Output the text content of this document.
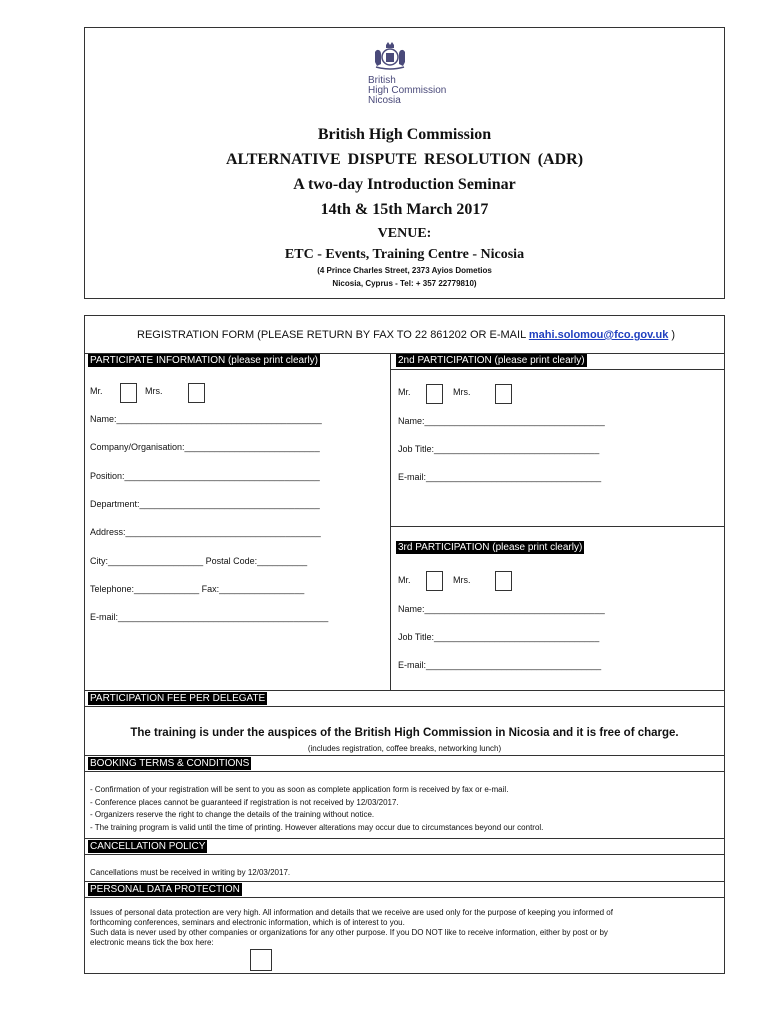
British
High Commission
Nicosia
British High Commission
ALTERNATIVE DISPUTE RESOLUTION (ADR)
A two-day Introduction Seminar
14th & 15th March 2017
VENUE:
ETC - Events, Training Centre - Nicosia
(4 Prince Charles Street, 2373 Ayios Dometios
Nicosia, Cyprus - Tel: + 357 22779810)
REGISTRATION FORM (PLEASE RETURN BY FAX TO 22 861202 OR E-MAIL mahi.solomou@fco.gov.uk )
PARTICIPATE INFORMATION (please print clearly)
Mr.	Mrs.
Name:_________________________________________
Company/Organisation:___________________________
Position:_______________________________________
Department:____________________________________
Address:_______________________________________
City:___________________ Postal Code:__________
Telephone:_____________ Fax:_________________
E-mail:__________________________________________
2nd PARTICIPATION (please print clearly)
Mr.	Mrs.
Name:____________________________________
Job Title:_________________________________
E-mail:___________________________________
3rd PARTICIPATION (please print clearly)
Mr.	Mrs.
Name:____________________________________
Job Title:_________________________________
E-mail:___________________________________
PARTICIPATION FEE PER DELEGATE
The training is under the auspices of the British High Commission in Nicosia and it is free of charge.
(includes registration, coffee breaks, networking lunch)
BOOKING TERMS & CONDITIONS
- Confirmation of your registration will be sent to you as soon as complete application form is received by fax or e-mail.
- Conference places cannot be guaranteed if registration is not received by 12/03/2017.
- Organizers reserve the right to change the details of the training without notice.
- The training program is valid until the time of printing. However alterations may occur due to circumstances beyond our control.
CANCELLATION POLICY
Cancellations must be received in writing by 12/03/2017.
PERSONAL DATA PROTECTION
Issues of personal data protection are very high. All information and details that we receive are used only for the purpose of keeping you informed of
forthcoming conferences, seminars and electronic information, which is of interest to you.
Such data is never used by other companies or organizations for any other purpose. If you DO NOT like to receive information, either by post or by
electronic means tick the box here:
